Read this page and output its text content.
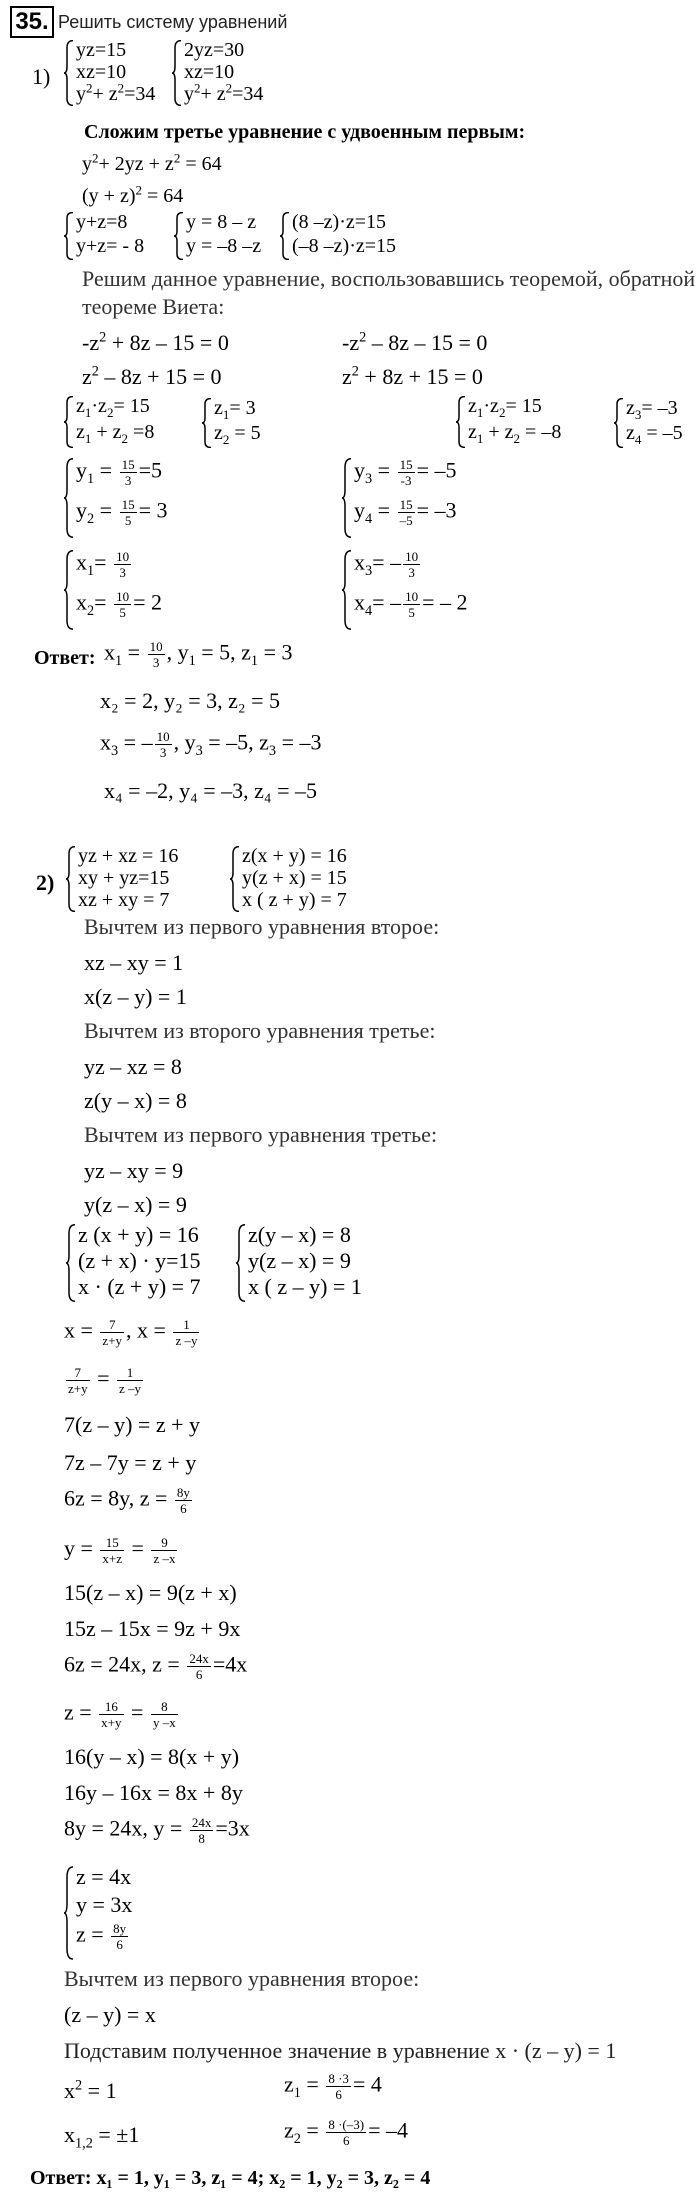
35. Решить систему уравнений
1)
yz=15
xz=10
$y^2+ z^2=34$
2yz=30
xz=10
$y^2+ z^2=34$
Сложим третье уравнение с удвоенным первым:
$y^2+ 2yz + z^2 = 64$
$(y + z)^2 = 64$
y+z=8
y+z= - 8
y = 8 – z
y = –8 –z
(8 –z)·z=15
(–8 –z)·z=15
Решим данное уравнение, воспользовавшись теоремой, обратной
теореме Виета:
$-z^2 + 8z - 15 = 0$
$z^2 - 8z + 15 = 0$
$-z^2 - 8z - 15 = 0$
$z^2 + 8z + 15 = 0$
$z_1\cdot z_2= 15$
$z_1 + z_2 =8$
$z_1= 3$
$z_2 = 5$
$z_1\cdot z_2= 15$
$z_1 + z_2 = -8$
$z_3= -3$
$z_4 = -5$
$y_1 = \frac{15}{3} =5$
$y_2 = \frac{15}{5} = 3$
$y_3 = \frac{15}{-3} = -5$
$y_4 = \frac{15}{-5} = -3$
$x_1= \frac{10}{3}$
$x_2= \frac{10}{5} = 2$
$x_3= - \frac{10}{3}$
$x_4= - \frac{10}{5}$ = – 2
Ответ: $x_1 = \frac{10}{3}$ , $y_1 = 5$, $z_1 = 3$
x₂ = 2, y₂ = 3, z₂ = 5
$x_3$ = – $\frac{10}{3}$ , $y_3 = -5$, $z_3 = -3$
x₄ = –2, y₄ = –3, z₄ = –5
2)
yz + xz = 16
xy + yz=15
xz + xy = 7
z(x + y) = 16
y(z + x) = 15
x ( z + y) = 7
Вычтем из первого уравнения второе:
xz – xy = 1
x(z – y) = 1
Вычтем из второго уравнения третье:
yz – xz = 8
z(y – x) = 8
Вычтем из первого уравнения третье:
yz – xy = 9
y(z – x) = 9
z (x + y) = 16
(z + x) · y=15
x · (z + y) = 7
z(y – x) = 8
y(z – x) = 9
x ( z – y) = 1
$x = \frac{7}{z+y}$ , $x = \frac{1}{z -y}$
$\frac{7}{z+y} = \frac{1}{z -y}$
7(z – y) = z + y
7z – 7y = z + y
6z = 8y, $z = \frac{8y}{6}$
$y = \frac{15}{x+z} = \frac{9}{z -x}$
15(z – x) = 9(z + x)
15z – 15x = 9z + 9x
6z = 24x, $z = \frac{24x}{6} =4x$
$z = \frac{16}{x+y} = \frac{8}{y -x}$
16(y – x) = 8(x + y)
16y – 16x = 8x + 8y
8y = 24x, $y = \frac{24x}{8} =3x$
z = 4x
y = 3x
$z = \frac{8y}{6}$
Вычтем из первого уравнения второе:
(z – y) = x
Подставим полученное значение в уравнение x · (z – y) = 1
$x^2 = 1$
$x_{1,2} = \pm 1$
$z_1 = \frac{8 \cdot 3}{6} = 4$
$z_2 = \frac{8 \cdot(-3)}{6} = -4$
Ответ: x₁ = 1, y₁ = 3, z₁ = 4; x₂ = 1, y₂ = 3, z₂ = 4
